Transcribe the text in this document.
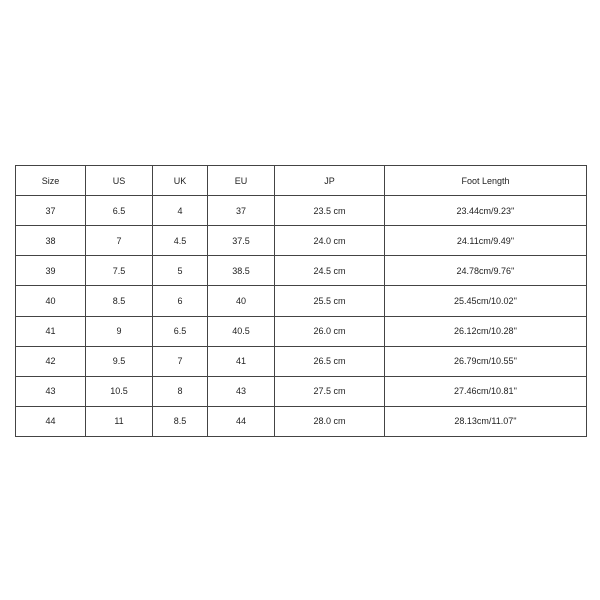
Size	US	UK	EU	JP	Foot Length
37	6.5	4	37	23.5 cm	23.44cm/9.23''
38	7	4.5	37.5	24.0 cm	24.11cm/9.49''
39	7.5	5	38.5	24.5 cm	24.78cm/9.76''
40	8.5	6	40	25.5 cm	25.45cm/10.02''
41	9	6.5	40.5	26.0 cm	26.12cm/10.28''
42	9.5	7	41	26.5 cm	26.79cm/10.55''
43	10.5	8	43	27.5 cm	27.46cm/10.81''
44	11	8.5	44	28.0 cm	28.13cm/11.07''
